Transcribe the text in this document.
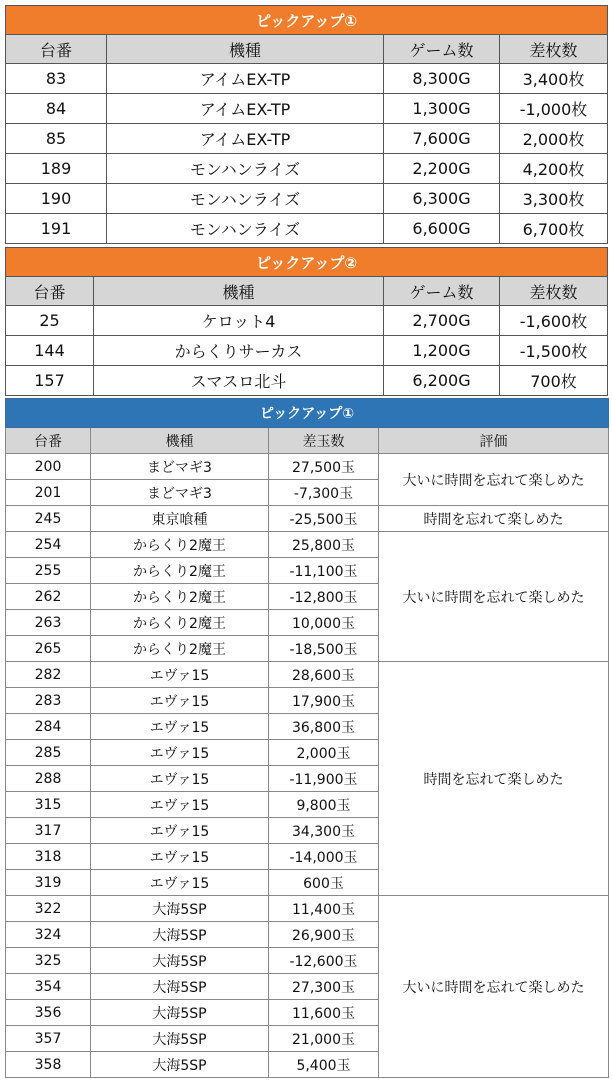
ピックアップ①			
台番	機種	ゲーム数	差枚数
83	アイムEX-TP	8,300G	3,400枚
84	アイムEX-TP	1,300G	-1,000枚
85	アイムEX-TP	7,600G	2,000枚
189	モンハンライズ	2,200G	4,200枚
190	モンハンライズ	6,300G	3,300枚
191	モンハンライズ	6,600G	6,700枚
ピックアップ②			
台番	機種	ゲーム数	差枚数
25	ケロット4	2,700G	-1,600枚
144	からくりサーカス	1,200G	-1,500枚
157	スマスロ北斗	6,200G	700枚
ピックアップ①			
台番	機種	差玉数	評価
200	まどマギ3	27,500玉	大いに時間を忘れて楽しめた
201	まどマギ3	-7,300玉	
245	東京喰種	-25,500玉	時間を忘れて楽しめた
254	からくり2魔王	25,800玉	大いに時間を忘れて楽しめた
255	からくり2魔王	-11,100玉	
262	からくり2魔王	-12,800玉	
263	からくり2魔王	10,000玉	
265	からくり2魔王	-18,500玉	
282	エヴァ15	28,600玉	時間を忘れて楽しめた
283	エヴァ15	17,900玉	
284	エヴァ15	36,800玉	
285	エヴァ15	2,000玉	
288	エヴァ15	-11,900玉	
315	エヴァ15	9,800玉	
317	エヴァ15	34,300玉	
318	エヴァ15	-14,000玉	
319	エヴァ15	600玉	
322	大海5SP	11,400玉	大いに時間を忘れて楽しめた
324	大海5SP	26,900玉	
325	大海5SP	-12,600玉	
354	大海5SP	27,300玉	
356	大海5SP	11,600玉	
357	大海5SP	21,000玉	
358	大海5SP	5,400玉	
